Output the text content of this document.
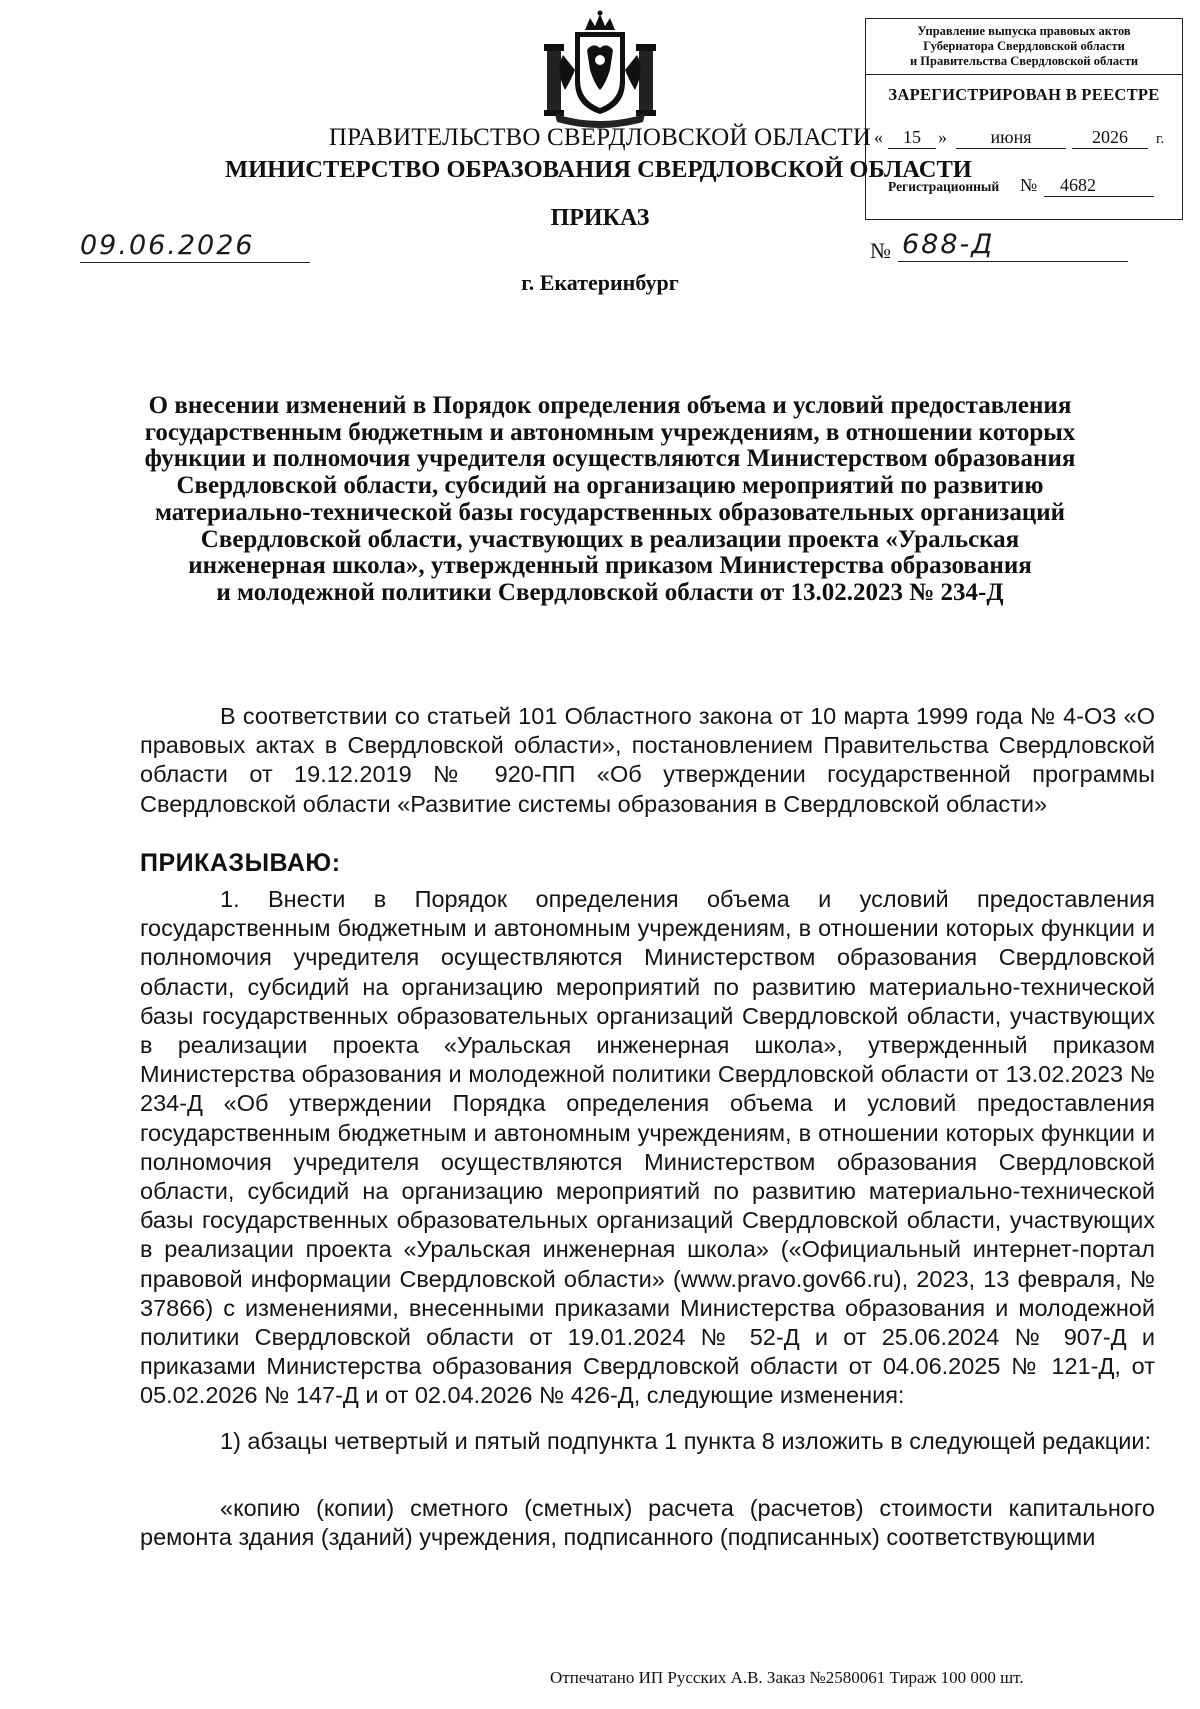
Управление выпуска правовых актов
Губернатора Свердловской области
и Правительства Свердловской области
ЗАРЕГИСТРИРОВАН В РЕЕСТРЕ
«	15 »	июня	2026	г.
Регистрационный №	4682
ПРАВИТЕЛЬСТВО СВЕРДЛОВСКОЙ ОБЛАСТИ
МИНИСТЕРСТВО ОБРАЗОВАНИЯ СВЕРДЛОВСКОЙ ОБЛАСТИ
ПРИКАЗ
09.06.2026	№ 688-Д
г. Екатеринбург
О внесении изменений в Порядок определения объема и условий предоставления
государственным бюджетным и автономным учреждениям, в отношении которых
функции и полномочия учредителя осуществляются Министерством образования
Свердловской области, субсидий на организацию мероприятий по развитию
материально-технической базы государственных образовательных организаций
Свердловской области, участвующих в реализации проекта «Уральская
инженерная школа», утвержденный приказом Министерства образования
и молодежной политики Свердловской области от 13.02.2023 № 234-Д

В соответствии со статьей 101 Областного закона от 10 марта 1999 года № 4-ОЗ «О правовых актах в Свердловской области», постановлением Правительства Свердловской области от 19.12.2019 № 920-ПП «Об утверждении государственной программы Свердловской области «Развитие системы образования в Свердловской области»

ПРИКАЗЫВАЮ:

1. Внести в Порядок определения объема и условий предоставления государственным бюджетным и автономным учреждениям, в отношении которых функции и полномочия учредителя осуществляются Министерством образования Свердловской области, субсидий на организацию мероприятий по развитию материально-технической базы государственных образовательных организаций Свердловской области, участвующих в реализации проекта «Уральская инженерная школа», утвержденный приказом Министерства образования и молодежной политики Свердловской области от 13.02.2023 № 234-Д «Об утверждении Порядка определения объема и условий предоставления государственным бюджетным и автономным учреждениям, в отношении которых функции и полномочия учредителя осуществляются Министерством образования Свердловской области, субсидий на организацию мероприятий по развитию материально-технической базы государственных образовательных организаций Свердловской области, участвующих в реализации проекта «Уральская инженерная школа» («Официальный интернет-портал правовой информации Свердловской области» (www.pravo.gov66.ru), 2023, 13 февраля, № 37866) с изменениями, внесенными приказами Министерства образования и молодежной политики Свердловской области от 19.01.2024 № 52-Д и от 25.06.2024 № 907-Д и приказами Министерства образования Свердловской области от 04.06.2025 № 121-Д, от 05.02.2026 № 147-Д и от 02.04.2026 № 426-Д, следующие изменения:

1) абзацы четвертый и пятый подпункта 1 пункта 8 изложить в следующей редакции:

«копию (копии) сметного (сметных) расчета (расчетов) стоимости капитального ремонта здания (зданий) учреждения, подписанного (подписанных) соответствующими

Отпечатано ИП Русских А.В. Заказ №2580061 Тираж 100 000 шт.
